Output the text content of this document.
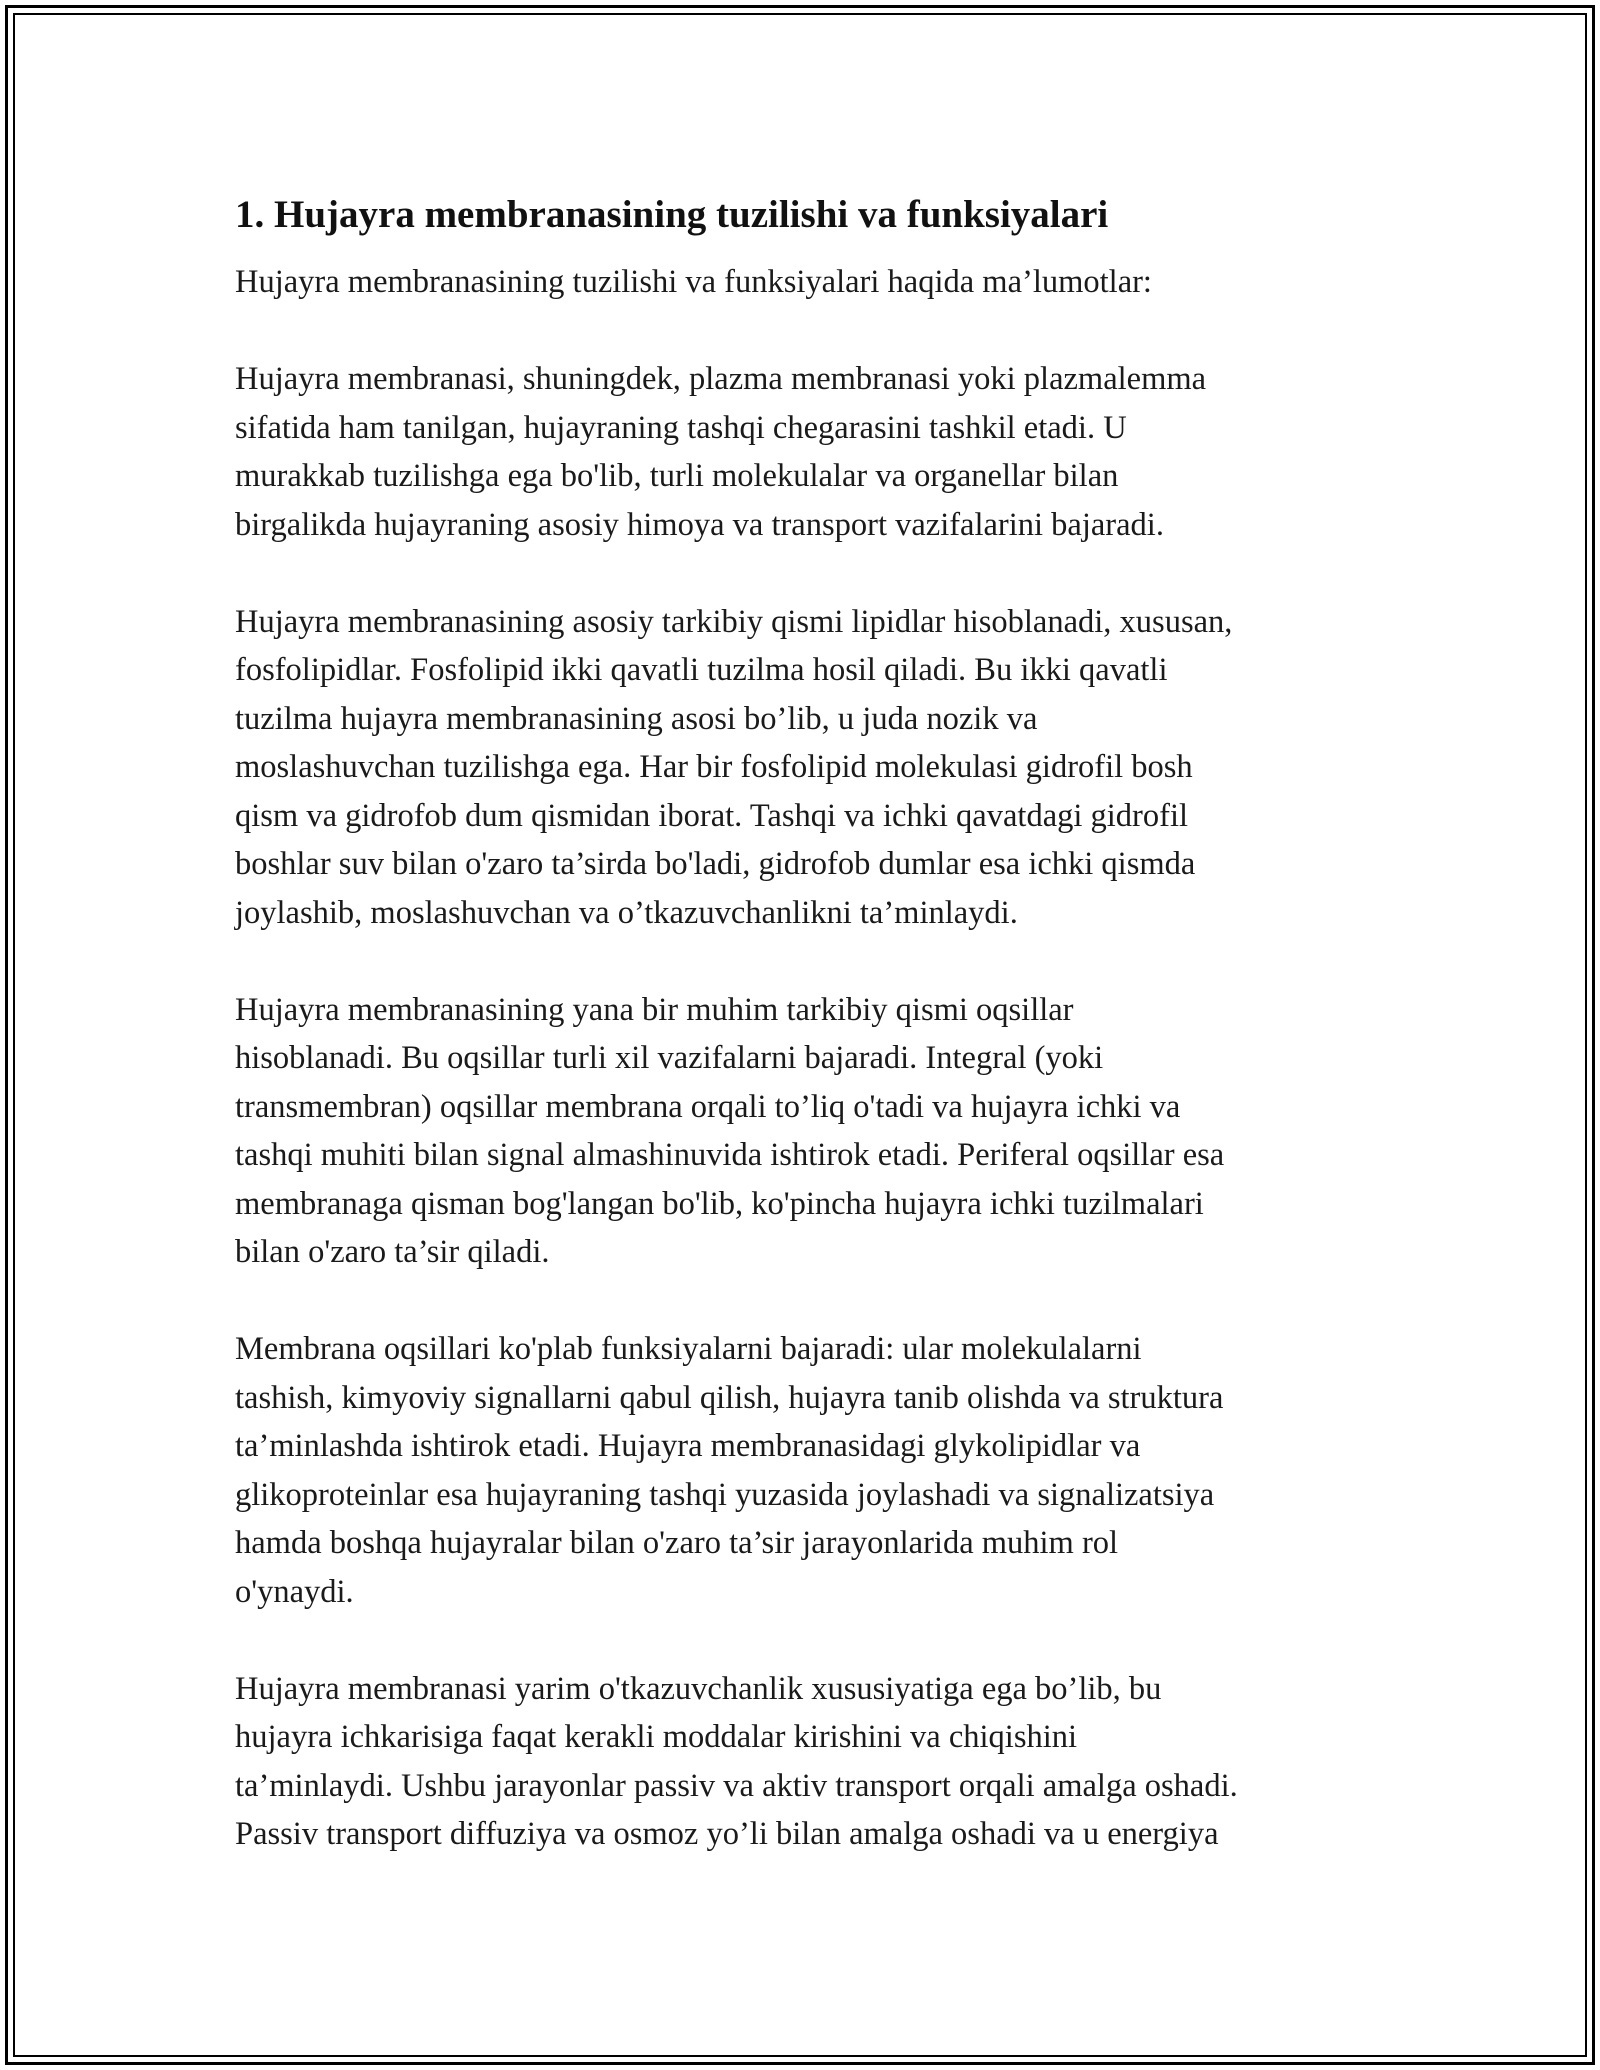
1. Hujayra membranasining tuzilishi va funksiyalari

Hujayra membranasining tuzilishi va funksiyalari haqida ma’lumotlar:

Hujayra membranasi, shuningdek, plazma membranasi yoki plazmalemma
sifatida ham tanilgan, hujayraning tashqi chegarasini tashkil etadi. U
murakkab tuzilishga ega bo'lib, turli molekulalar va organellar bilan
birgalikda hujayraning asosiy himoya va transport vazifalarini bajaradi.

Hujayra membranasining asosiy tarkibiy qismi lipidlar hisoblanadi, xususan,
fosfolipidlar. Fosfolipid ikki qavatli tuzilma hosil qiladi. Bu ikki qavatli
tuzilma hujayra membranasining asosi bo’lib, u juda nozik va
moslashuvchan tuzilishga ega. Har bir fosfolipid molekulasi gidrofil bosh
qism va gidrofob dum qismidan iborat. Tashqi va ichki qavatdagi gidrofil
boshlar suv bilan o'zaro ta’sirda bo'ladi, gidrofob dumlar esa ichki qismda
joylashib, moslashuvchan va o’tkazuvchanlikni ta’minlaydi.

Hujayra membranasining yana bir muhim tarkibiy qismi oqsillar
hisoblanadi. Bu oqsillar turli xil vazifalarni bajaradi. Integral (yoki
transmembran) oqsillar membrana orqali to’liq o'tadi va hujayra ichki va
tashqi muhiti bilan signal almashinuvida ishtirok etadi. Periferal oqsillar esa
membranaga qisman bog'langan bo'lib, ko'pincha hujayra ichki tuzilmalari
bilan o'zaro ta’sir qiladi.

Membrana oqsillari ko'plab funksiyalarni bajaradi: ular molekulalarni
tashish, kimyoviy signallarni qabul qilish, hujayra tanib olishda va struktura
ta’minlashda ishtirok etadi. Hujayra membranasidagi glykolipidlar va
glikoproteinlar esa hujayraning tashqi yuzasida joylashadi va signalizatsiya
hamda boshqa hujayralar bilan o'zaro ta’sir jarayonlarida muhim rol
o'ynaydi.

Hujayra membranasi yarim o'tkazuvchanlik xususiyatiga ega bo’lib, bu
hujayra ichkarisiga faqat kerakli moddalar kirishini va chiqishini
ta’minlaydi. Ushbu jarayonlar passiv va aktiv transport orqali amalga oshadi.
Passiv transport diffuziya va osmoz yo’li bilan amalga oshadi va u energiya
